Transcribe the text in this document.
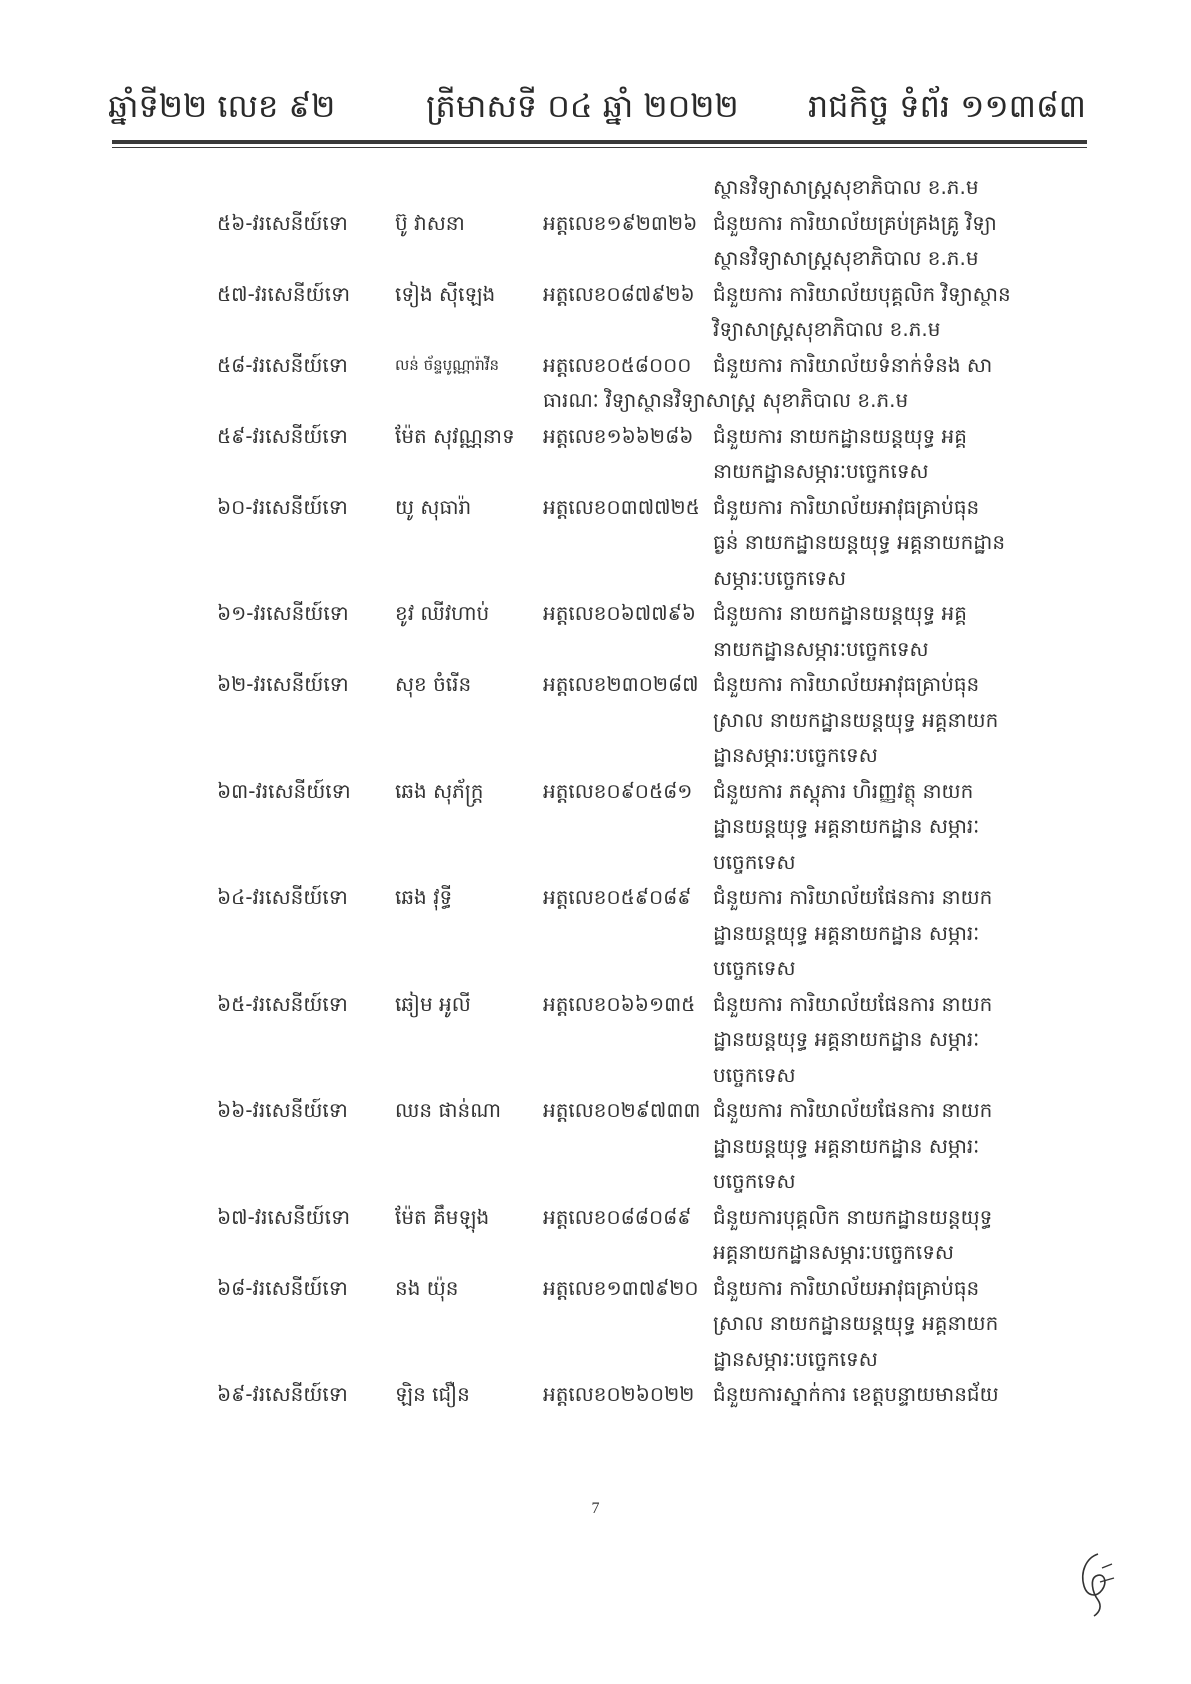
ឆ្នាំទី២២ លេខ ៩២	ត្រីមាសទី ០៤ ឆ្នាំ ២០២២ រាជកិច្ច ទំព័រ ១១៣៨៣
ស្ថានវិទ្យាសាស្ត្រសុខាភិបាល ខ.ភ.ម
៥៦-វរសេនីយ៍ទោ ប៊ូ វាសនា	អត្តលេខ១៩២៣២៦ ជំនួយការ ការិយាល័យគ្រប់គ្រងគ្រូ វិទ្យា
ស្ថានវិទ្យាសាស្ត្រសុខាភិបាល ខ.ភ.ម
៥៧-វរសេនីយ៍ទោ ទៀង ស៊ីឡេង អត្តលេខ០៨៧៩២៦ ជំនួយការ ការិយាល័យបុគ្គលិក វិទ្យាស្ថាន
វិទ្យាសាស្ត្រសុខាភិបាល ខ.ភ.ម
៥៨-វរសេនីយ៍ទោ	លន់ ច័ន្ទបូណ្ណារ៉ាវីន អត្តលេខ០៥៨០០០ ជំនួយការ ការិយាល័យទំនាក់ទំនង សា
ធារណៈ វិទ្យាស្ថានវិទ្យាសាស្ត្រ សុខាភិបាល ខ.ភ.ម
៥៩-វរសេនីយ៍ទោ ម៉ែត សុវណ្ណនាទ អត្តលេខ១៦៦២៨៦ ជំនួយការ នាយកដ្ឋានយន្តយុទ្ធ អគ្គ
នាយកដ្ឋានសម្ភារៈបច្ចេកទេស
៦០-វរសេនីយ៍ទោ យូ សុធារ៉ា	អត្តលេខ០៣៧៧២៥ ជំនួយការ ការិយាល័យអាវុធគ្រាប់ធុន
ធ្ងន់ នាយកដ្ឋានយន្តយុទ្ធ អគ្គនាយកដ្ឋាន
សម្ភារៈបច្ចេកទេស
៦១-វរសេនីយ៍ទោ ខូវ ឈីវហាប់	អត្តលេខ០៦៧៧៩៦ ជំនួយការ នាយកដ្ឋានយន្តយុទ្ធ អគ្គ
នាយកដ្ឋានសម្ភារៈបច្ចេកទេស
៦២-វរសេនីយ៍ទោ សុខ ចំរើន	អត្តលេខ២៣០២៨៧ ជំនួយការ ការិយាល័យអាវុធគ្រាប់ធុន
ស្រាល នាយកដ្ឋានយន្តយុទ្ធ អគ្គនាយក
ដ្ឋានសម្ភារៈបច្ចេកទេស
៦៣-វរសេនីយ៍ទោ ឆេង សុភ័ក្ត្រ	អត្តលេខ០៩០៥៨១ ជំនួយការ ភស្តុភារ ហិរញ្ញវត្ថុ នាយក
ដ្ឋានយន្តយុទ្ធ អគ្គនាយកដ្ឋាន សម្ភារៈ
បច្ចេកទេស
៦៤-វរសេនីយ៍ទោ ឆេង វុទ្ធី	អត្តលេខ០៥៩០៨៩ ជំនួយការ ការិយាល័យផែនការ នាយក
ដ្ឋានយន្តយុទ្ធ អគ្គនាយកដ្ឋាន សម្ភារៈ
បច្ចេកទេស
៦៥-វរសេនីយ៍ទោ ឆៀម អូលី	អត្តលេខ០៦៦១៣៥ ជំនួយការ ការិយាល័យផែនការ នាយក
ដ្ឋានយន្តយុទ្ធ អគ្គនាយកដ្ឋាន សម្ភារៈ
បច្ចេកទេស
៦៦-វរសេនីយ៍ទោ ឈន ផាន់ណា អត្តលេខ០២៩៧៣៣ ជំនួយការ ការិយាល័យផែនការ នាយក
ដ្ឋានយន្តយុទ្ធ អគ្គនាយកដ្ឋាន សម្ភារៈ
បច្ចេកទេស
៦៧-វរសេនីយ៍ទោ ម៉ែត គឹមឡុង	អត្តលេខ០៨៨០៨៩ ជំនួយការបុគ្គលិក នាយកដ្ឋានយន្តយុទ្ធ
អគ្គនាយកដ្ឋានសម្ភារៈបច្ចេកទេស
៦៨-វរសេនីយ៍ទោ នង យ៉ុន	អត្តលេខ១៣៧៩២០ ជំនួយការ ការិយាល័យអាវុធគ្រាប់ធុន
ស្រាល នាយកដ្ឋានយន្តយុទ្ធ អគ្គនាយក
ដ្ឋានសម្ភារៈបច្ចេកទេស
៦៩-វរសេនីយ៍ទោ ឡិន ជឿន	អត្តលេខ០២៦០២២ ជំនួយការស្នាក់ការ ខេត្តបន្ទាយមានជ័យ
7
